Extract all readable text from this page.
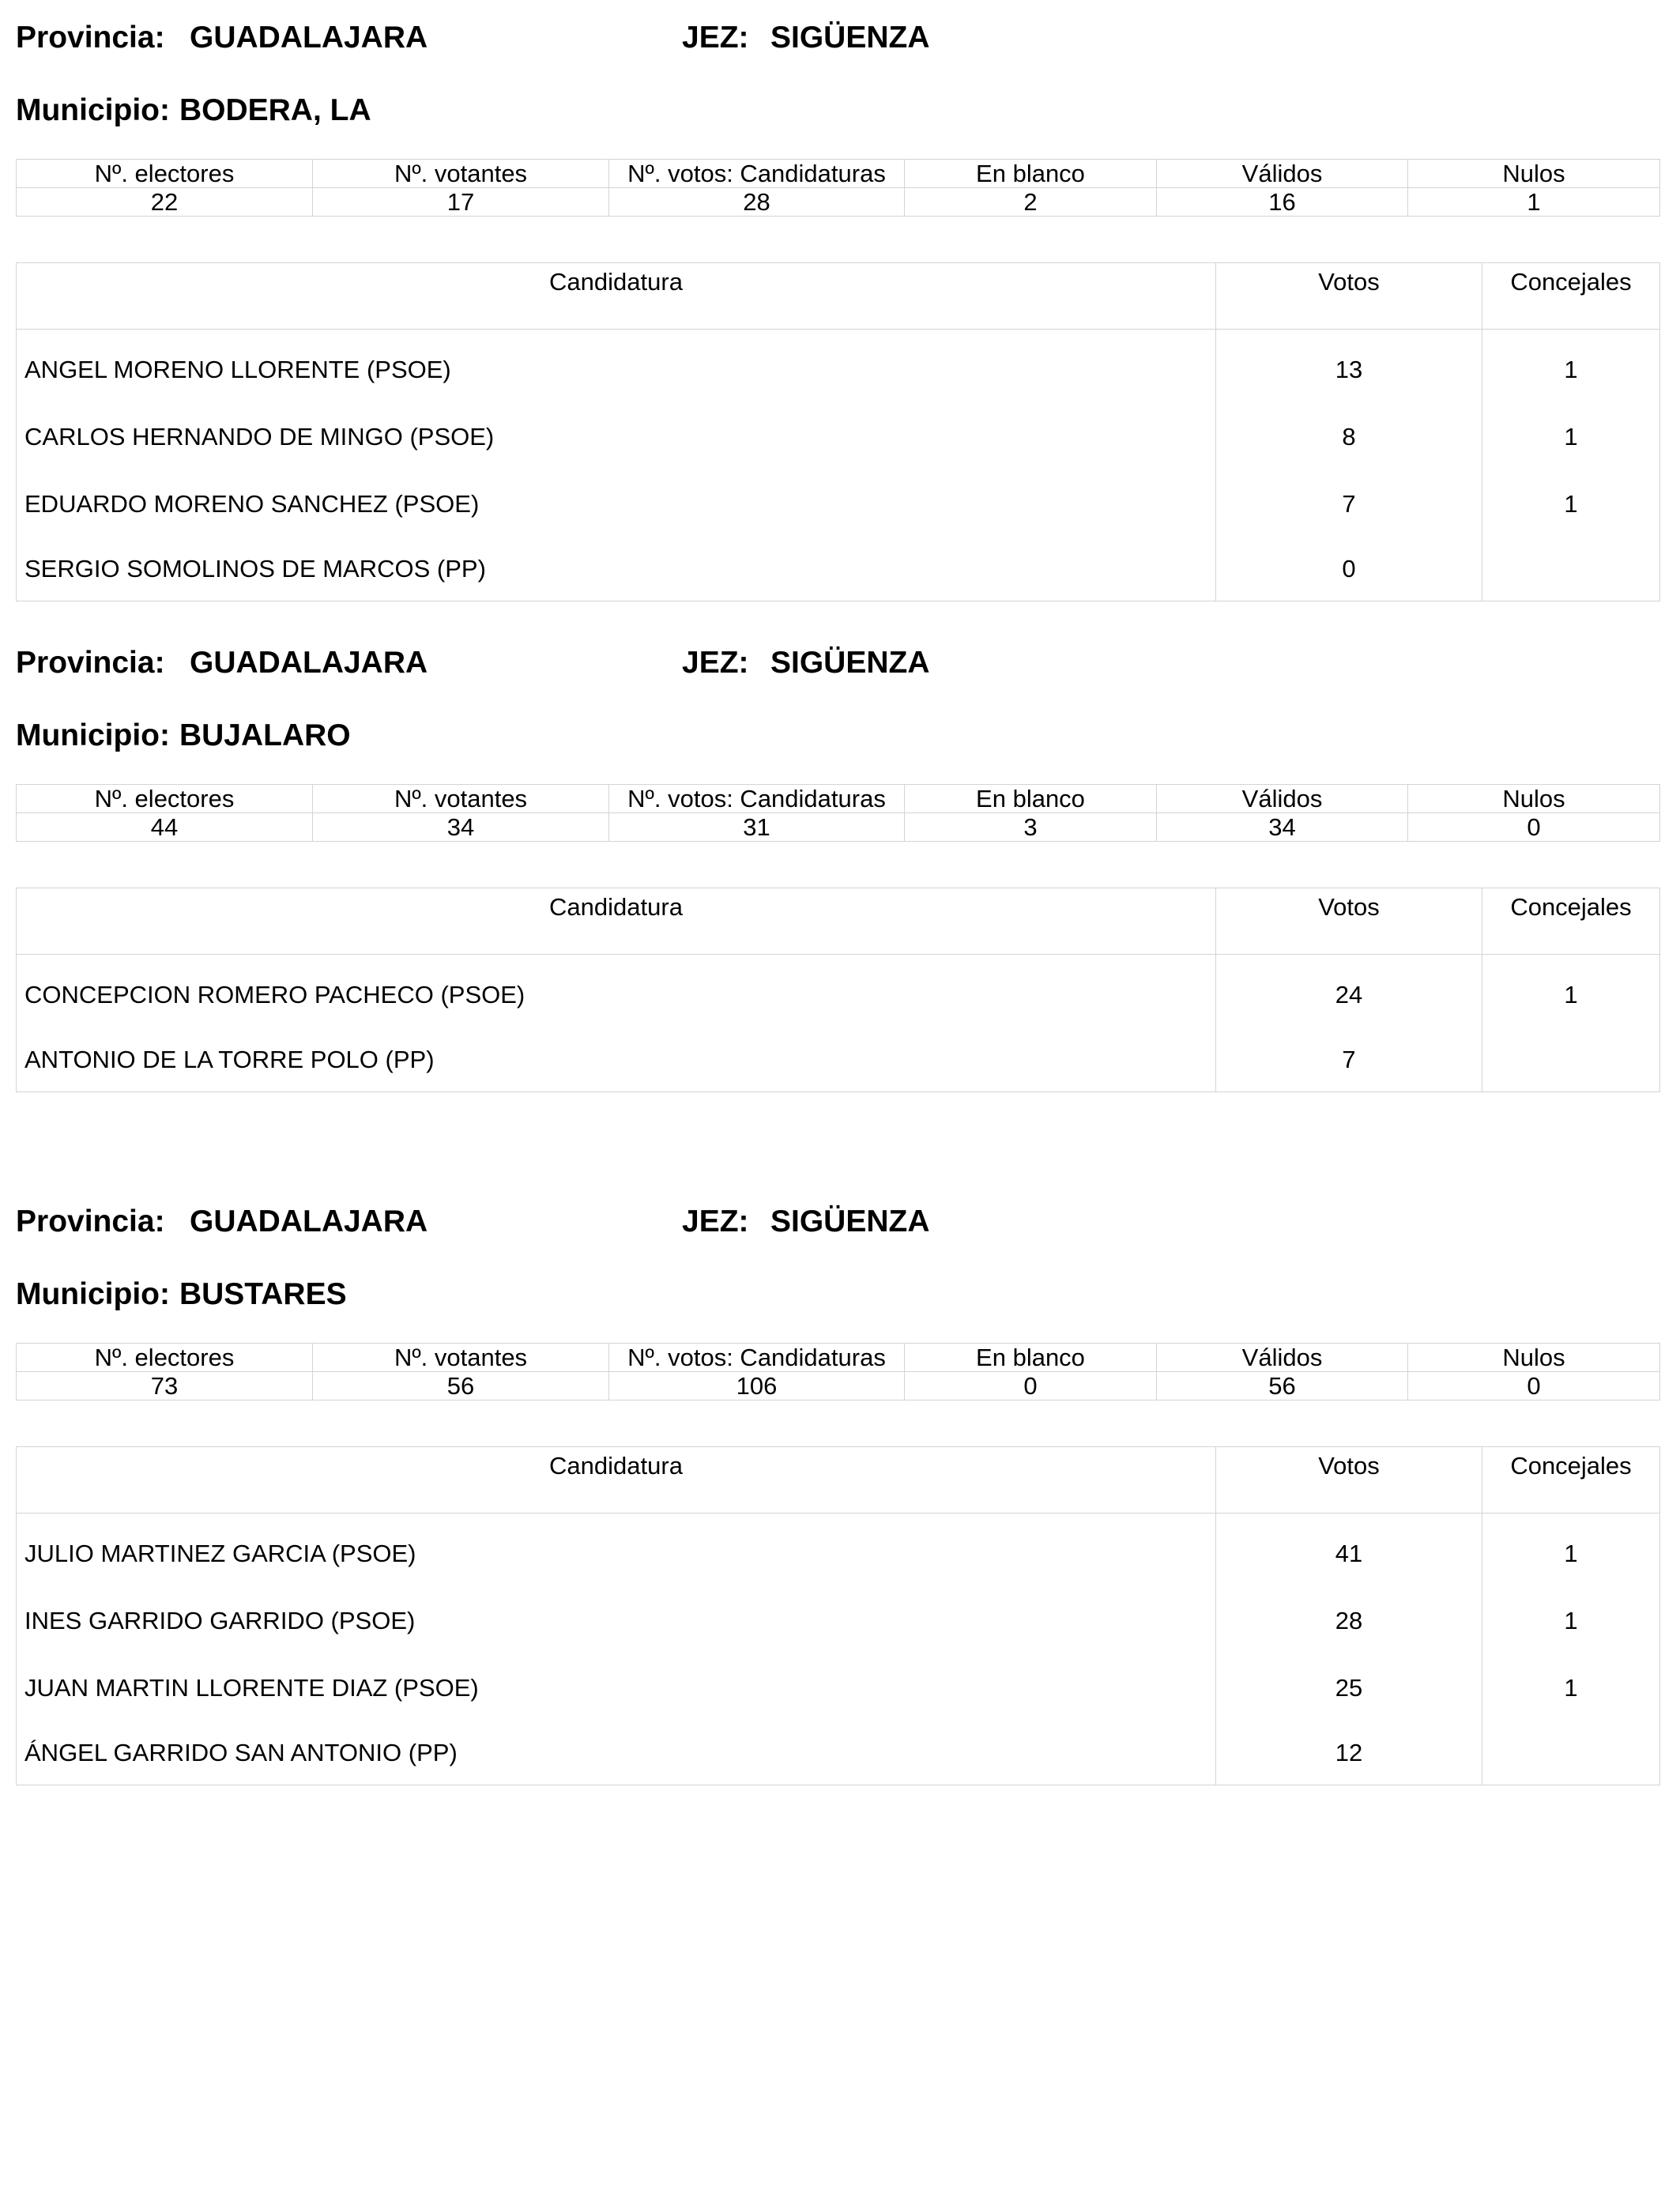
Provincia: GUADALAJARA	JEZ: SIGÜENZA
Municipio: BODERA, LA
Nº. electores	Nº. votantes	Nº. votos: Candidaturas	En blanco	Válidos	Nulos
22	17	28	2	16	1
Candidatura	Votos	Concejales
ANGEL MORENO LLORENTE (PSOE)	13	1
CARLOS HERNANDO DE MINGO (PSOE)	8	1
EDUARDO MORENO SANCHEZ (PSOE)	7	1
SERGIO SOMOLINOS DE MARCOS (PP)	0	
Provincia: GUADALAJARA	JEZ: SIGÜENZA
Municipio: BUJALARO
Nº. electores	Nº. votantes	Nº. votos: Candidaturas	En blanco	Válidos	Nulos
44	34	31	3	34	0
Candidatura	Votos	Concejales
CONCEPCION ROMERO PACHECO (PSOE)	24	1
ANTONIO DE LA TORRE POLO (PP)	7	
Provincia: GUADALAJARA	JEZ: SIGÜENZA
Municipio: BUSTARES
Nº. electores	Nº. votantes	Nº. votos: Candidaturas	En blanco	Válidos	Nulos
73	56	106	0	56	0
Candidatura	Votos	Concejales
JULIO MARTINEZ GARCIA (PSOE)	41	1
INES GARRIDO GARRIDO (PSOE)	28	1
JUAN MARTIN LLORENTE DIAZ (PSOE)	25	1
ÁNGEL GARRIDO SAN ANTONIO (PP)	12	
